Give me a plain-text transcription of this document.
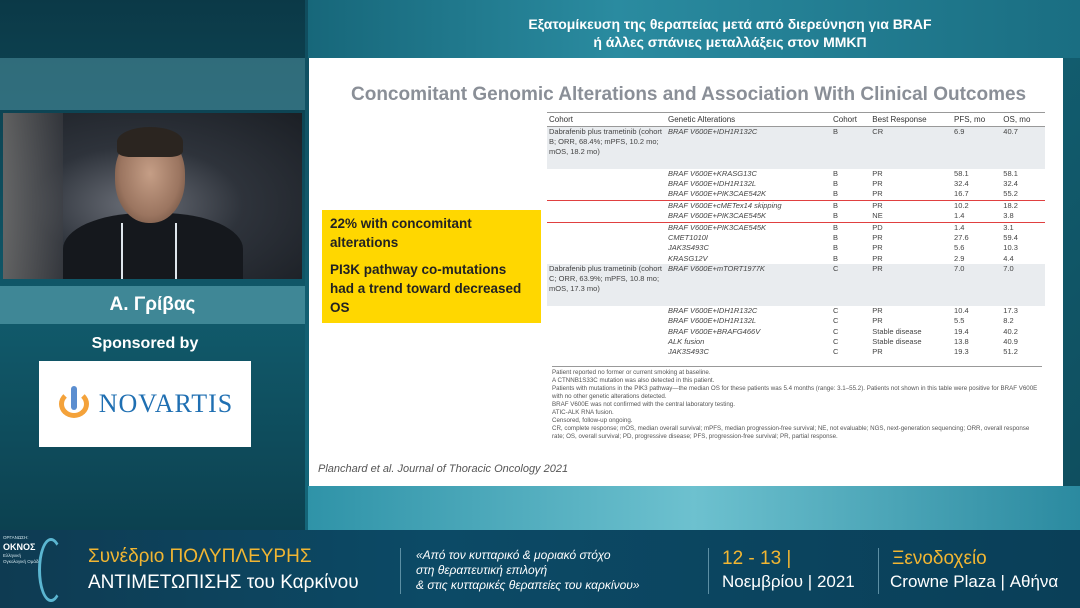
Α. Γρίβας
Sponsored by
NOVARTIS
Εξατομίκευση της θεραπείας μετά από διερεύνηση για BRAF
ή άλλες σπάνιες μεταλλάξεις στον ΜΜΚΠ
Concomitant Genomic Alterations and Association With Clinical Outcomes

22% with concomitant alterations

PI3K pathway co-mutations had a trend toward decreased OS

Cohort	Genetic Alterations	Cohort	Best Response	PFS, mo	OS, mo
Dabrafenib plus trametinib (cohort B; ORR, 68.4%; mPFS, 10.2 mo; mOS, 18.2 mo)	BRAF V600E+IDH1R132C	B	CR	6.9	40.7

	BRAF V600E+KRASG13C	B	PR	58.1	58.1
	BRAF V600E+IDH1R132L	B	PR	32.4	32.4
	BRAF V600E+PIK3CAE542K	B	PR	16.7	55.2
	BRAF V600E+cMETex14 skipping	B	PR	10.2	18.2
	BRAF V600E+PIK3CAE545K	B	NE	1.4	3.8
	BRAF V600E+PIK3CAE545K	B	PD	1.4	3.1
	CMET1010I	B	PR	27.6	59.4
	JAK3S493C	B	PR	5.6	10.3
	KRASG12V	B	PR	2.9	4.4
Dabrafenib plus trametinib (cohort C; ORR, 63.9%; mPFS, 10.8 mo; mOS, 17.3 mo)	BRAF V600E+mTORT1977K	C	PR	7.0	7.0

	BRAF V600E+IDH1R132C	C	PR	10.4	17.3
	BRAF V600E+IDH1R132L	C	PR	5.5	8.2
	BRAF V600E+BRAFG466V	C	Stable disease	19.4	40.2
	ALK fusion	C	Stable disease	13.8	40.9
	JAK3S493C	C	PR	19.3	51.2
Patient reported no former or current smoking at baseline.
A CTNNB1S33C mutation was also detected in this patient.
Patients with mutations in the PIK3 pathway—the median OS for these patients was 5.4 months (range: 3.1–55.2). Patients not shown in this table were positive for BRAF V600E with no other genetic alterations detected.
BRAF V600E was not confirmed with the central laboratory testing.
ATIC-ALK RNA fusion.
Censored, follow-up ongoing.
CR, complete response; mOS, median overall survival; mPFS, median progression-free survival; NE, not evaluable; NGS, next-generation sequencing; ORR, overall response rate; OS, overall survival; PD, progressive disease; PFS, progression-free survival; PR, partial response.
Planchard et al. Journal of Thoracic Oncology 2021
ΟΡΓΑΝΩΣΗ:
ΟΚΝΟΣ
Ελληνική Ογκολογική Ομάδα Συνέδριο ΠΟΛΥΠΛΕΥΡΗΣ
ΑΝΤΙΜΕΤΩΠΙΣΗΣ του Καρκίνου
«Από τον κυτταρικό & μοριακό στόχο
στη θεραπευτική επιλογή
& στις κυτταρικές θεραπείες του καρκίνου»
12 - 13 |
Νοεμβρίου | 2021
Ξενοδοχείο
Crowne Plaza | Αθήνα
